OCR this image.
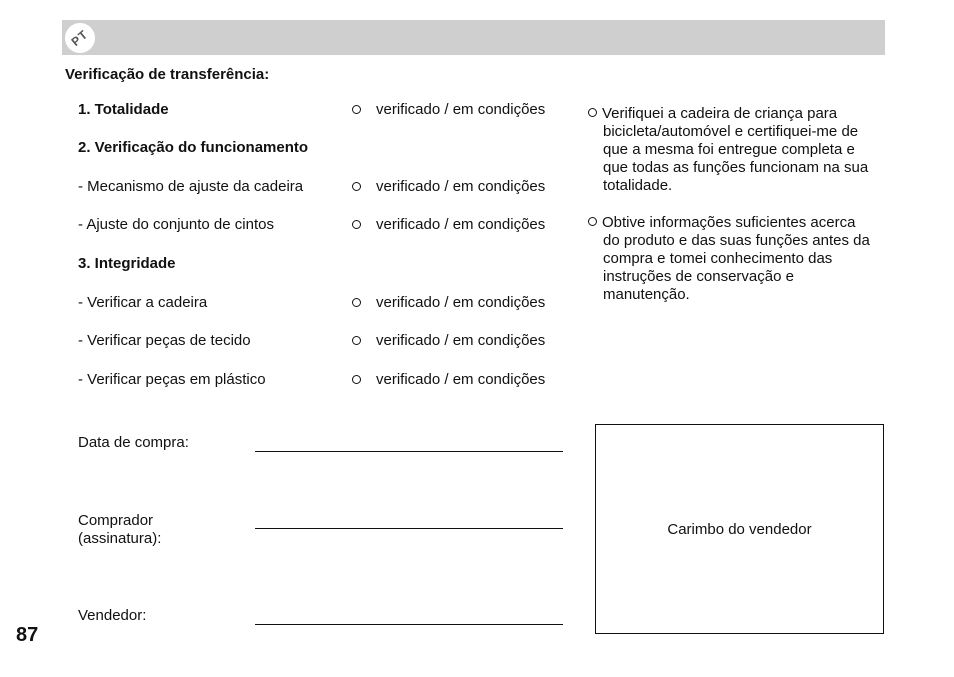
PT
Verificação de transferência:
1. Totalidade	verificado / em condições
2. Verificação do funcionamento
- Mecanismo de ajuste da cadeira	verificado / em condições
- Ajuste do conjunto de cintos	verificado / em condições
3. Integridade
- Verificar a cadeira	verificado / em condições
- Verificar peças de tecido	verificado / em condições
- Verificar peças em plástico	verificado / em condições
Verifiquei a cadeira de criança para
bicicleta/automóvel e certifiquei-me de
que a mesma foi entregue completa e
que todas as funções funcionam na sua
totalidade.
Obtive informações suficientes acerca
do produto e das suas funções antes da
compra e tomei conhecimento das
instruções de conservação e
manutenção.
Data de compra:
Comprador
(assinatura):
Vendedor:
Carimbo do vendedor
87
